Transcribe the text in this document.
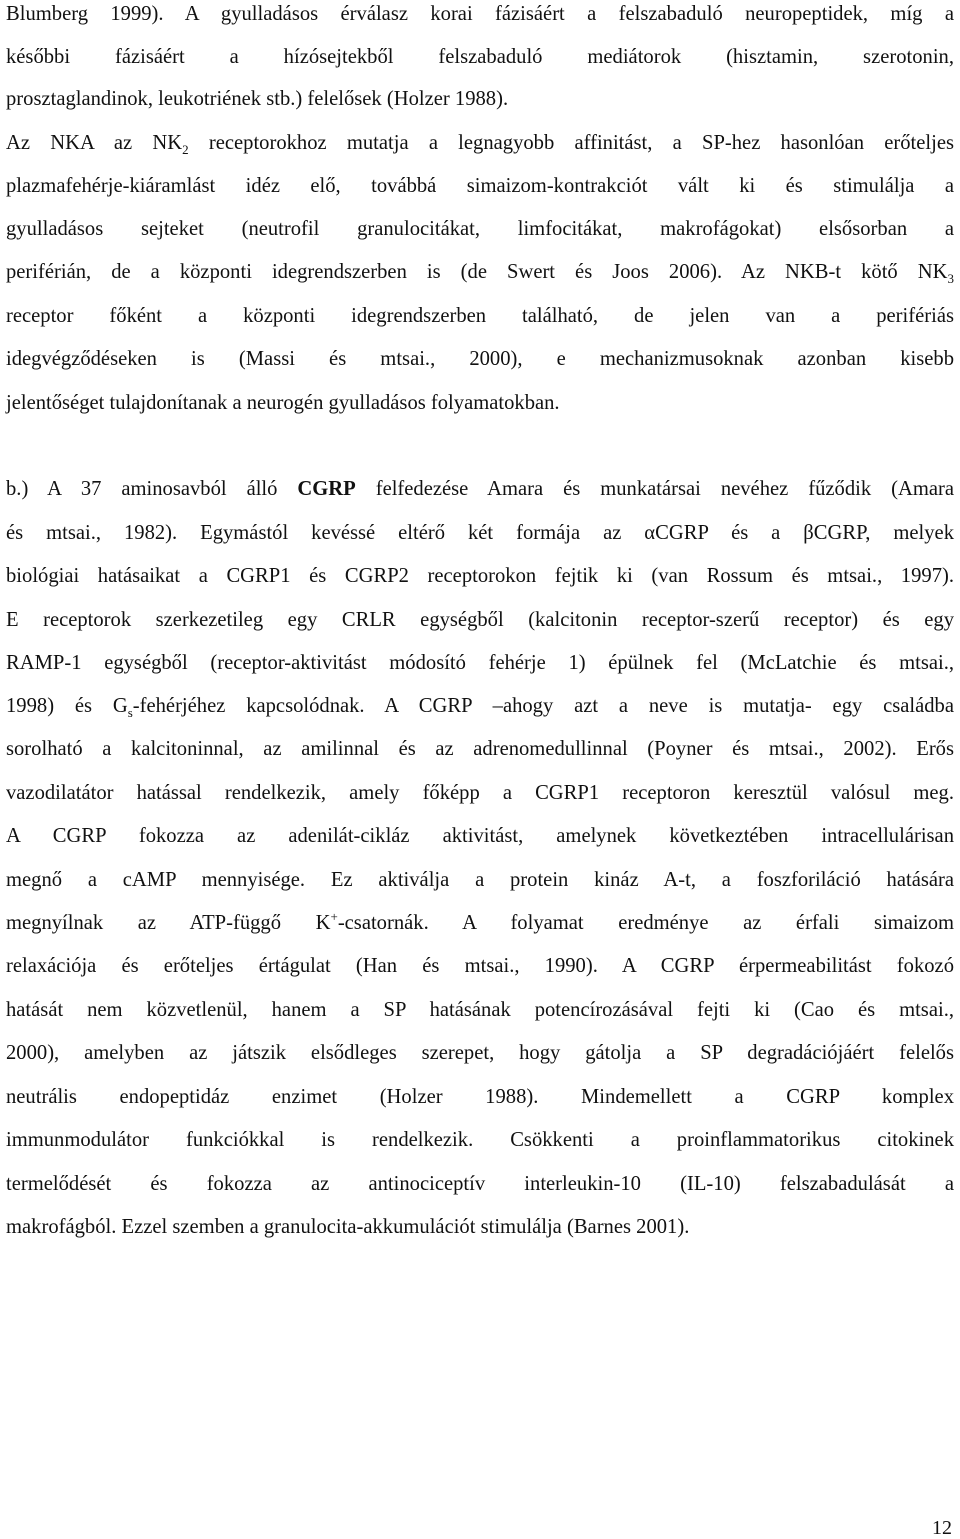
Blumberg 1999). A gyulladásos érválasz korai fázisáért a felszabaduló neuropeptidek, míg a
későbbi fázisáért a hízósejtekből felszabaduló mediátorok (hisztamin, szerotonin,
prosztaglandinok, leukotriének stb.) felelősek (Holzer 1988).
Az NKA az $NK_2$ receptorokhoz mutatja a legnagyobb affinitást, a SP-hez hasonlóan erőteljes
plazmafehérje-kiáramlást idéz elő, továbbá simaizom-kontrakciót vált ki és stimulálja a
gyulladásos sejteket (neutrofil granulocitákat, limfocitákat, makrofágokat) elsősorban a
periférián, de a központi idegrendszerben is (de Swert és Joos 2006). Az NKB-t kötő $NK_3$
receptor főként a központi idegrendszerben található, de jelen van a perifériás
idegvégződéseken is (Massi és mtsai., 2000), e mechanizmusoknak azonban kisebb
jelentőséget tulajdonítanak a neurogén gyulladásos folyamatokban.
b.) A 37 aminosavból álló CGRP felfedezése Amara és munkatársai nevéhez fűződik (Amara
és mtsai., 1982). Egymástól kevéssé eltérő két formája az αCGRP és a βCGRP, melyek
biológiai hatásaikat a CGRP1 és CGRP2 receptorokon fejtik ki (van Rossum és mtsai., 1997).
E receptorok szerkezetileg egy CRLR egységből (kalcitonin receptor-szerű receptor) és egy
RAMP-1 egységből (receptor-aktivitást módosító fehérje 1) épülnek fel (McLatchie és mtsai.,
1998) és $G_s$-fehérjéhez kapcsolódnak. A CGRP –ahogy azt a neve is mutatja- egy családba
sorolható a kalcitoninnal, az amilinnal és az adrenomedullinnal (Poyner és mtsai., 2002). Erős
vazodilatátor hatással rendelkezik, amely főképp a CGRP1 receptoron keresztül valósul meg.
A CGRP fokozza az adenilát-cikláz aktivitást, amelynek következtében intracellulárisan
megnő a cAMP mennyisége. Ez aktiválja a protein kináz A-t, a foszforiláció hatására
megnyílnak az ATP-függő K+-csatornák. A folyamat eredménye az érfali simaizom
relaxációja és erőteljes értágulat (Han és mtsai., 1990). A CGRP érpermeabilitást fokozó
hatását nem közvetlenül, hanem a SP hatásának potencírozásával fejti ki (Cao és mtsai.,
2000), amelyben az játszik elsődleges szerepet, hogy gátolja a SP degradációjáért felelős
neutrális endopeptidáz enzimet (Holzer 1988). Mindemellett a CGRP komplex
immunmodulátor funkciókkal is rendelkezik. Csökkenti a proinflammatorikus citokinek
termelődését és fokozza az antinociceptív interleukin-10 (IL-10) felszabadulását a
makrofágból. Ezzel szemben a granulocita-akkumulációt stimulálja (Barnes 2001).
12
